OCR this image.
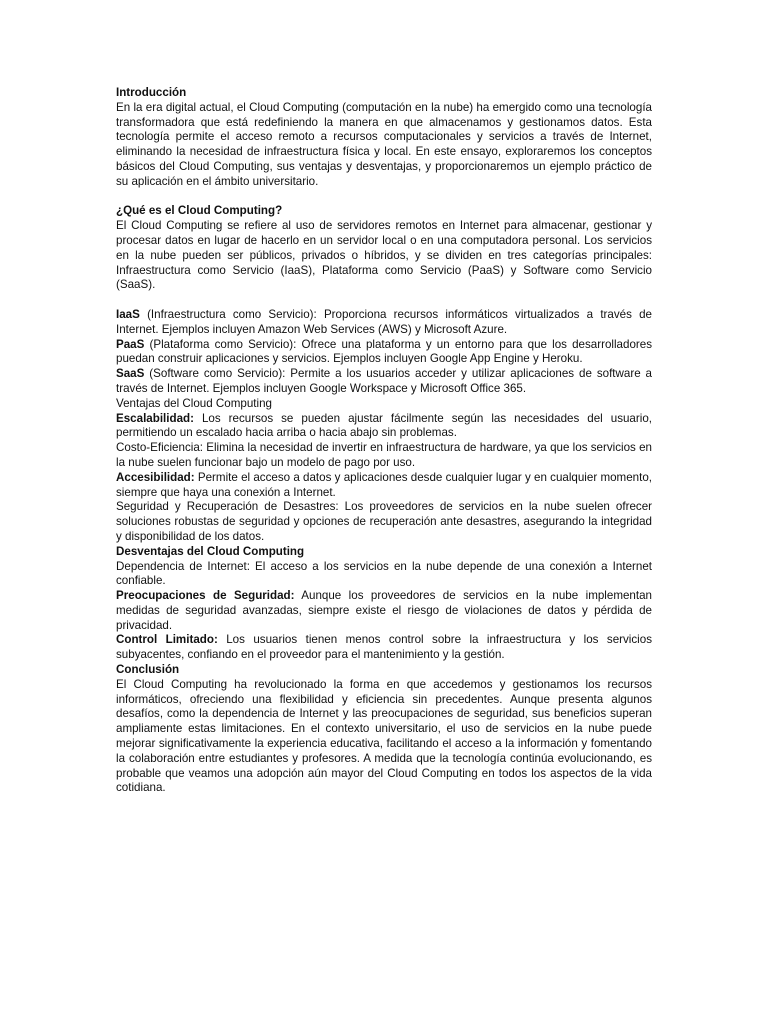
Introducción

En la era digital actual, el Cloud Computing (computación en la nube) ha emergido como una tecnología transformadora que está redefiniendo la manera en que almacenamos y gestionamos datos. Esta tecnología permite el acceso remoto a recursos computacionales y servicios a través de Internet, eliminando la necesidad de infraestructura física y local. En este ensayo, exploraremos los conceptos básicos del Cloud Computing, sus ventajas y desventajas, y proporcionaremos un ejemplo práctico de su aplicación en el ámbito universitario.

¿Qué es el Cloud Computing?

El Cloud Computing se refiere al uso de servidores remotos en Internet para almacenar, gestionar y procesar datos en lugar de hacerlo en un servidor local o en una computadora personal. Los servicios en la nube pueden ser públicos, privados o híbridos, y se dividen en tres categorías principales: Infraestructura como Servicio (IaaS), Plataforma como Servicio (PaaS) y Software como Servicio (SaaS).

IaaS (Infraestructura como Servicio): Proporciona recursos informáticos virtualizados a través de Internet. Ejemplos incluyen Amazon Web Services (AWS) y Microsoft Azure.

PaaS (Plataforma como Servicio): Ofrece una plataforma y un entorno para que los desarrolladores puedan construir aplicaciones y servicios. Ejemplos incluyen Google App Engine y Heroku.

SaaS (Software como Servicio): Permite a los usuarios acceder y utilizar aplicaciones de software a través de Internet. Ejemplos incluyen Google Workspace y Microsoft Office 365.

Ventajas del Cloud Computing

Escalabilidad: Los recursos se pueden ajustar fácilmente según las necesidades del usuario, permitiendo un escalado hacia arriba o hacia abajo sin problemas.

Costo-Eficiencia: Elimina la necesidad de invertir en infraestructura de hardware, ya que los servicios en la nube suelen funcionar bajo un modelo de pago por uso.

Accesibilidad: Permite el acceso a datos y aplicaciones desde cualquier lugar y en cualquier momento, siempre que haya una conexión a Internet.

Seguridad y Recuperación de Desastres: Los proveedores de servicios en la nube suelen ofrecer soluciones robustas de seguridad y opciones de recuperación ante desastres, asegurando la integridad y disponibilidad de los datos.

Desventajas del Cloud Computing

Dependencia de Internet: El acceso a los servicios en la nube depende de una conexión a Internet confiable.

Preocupaciones de Seguridad: Aunque los proveedores de servicios en la nube implementan medidas de seguridad avanzadas, siempre existe el riesgo de violaciones de datos y pérdida de privacidad.

Control Limitado: Los usuarios tienen menos control sobre la infraestructura y los servicios subyacentes, confiando en el proveedor para el mantenimiento y la gestión.

Conclusión

El Cloud Computing ha revolucionado la forma en que accedemos y gestionamos los recursos informáticos, ofreciendo una flexibilidad y eficiencia sin precedentes. Aunque presenta algunos desafíos, como la dependencia de Internet y las preocupaciones de seguridad, sus beneficios superan ampliamente estas limitaciones. En el contexto universitario, el uso de servicios en la nube puede mejorar significativamente la experiencia educativa, facilitando el acceso a la información y fomentando la colaboración entre estudiantes y profesores. A medida que la tecnología continúa evolucionando, es probable que veamos una adopción aún mayor del Cloud Computing en todos los aspectos de la vida cotidiana.
